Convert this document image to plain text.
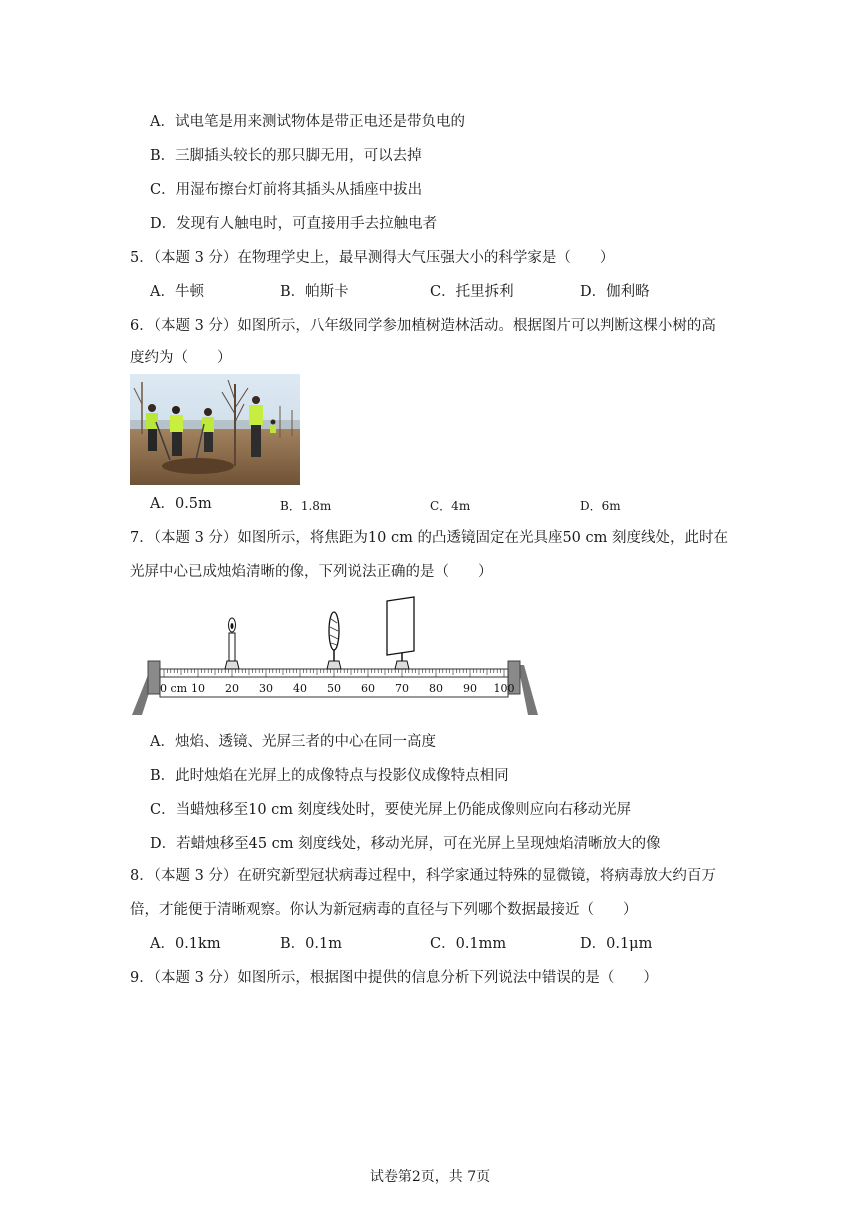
A．试电笔是用来测试物体是带正电还是带负电的
B．三脚插头较长的那只脚无用，可以去掉
C．用湿布擦台灯前将其插头从插座中拔出
D．发现有人触电时，可直接用手去拉触电者
5．（本题 3 分）在物理学史上，最早测得大气压强大小的科学家是（　　）
A．牛顿	B．帕斯卡	C．托里拆利	D．伽利略
6．（本题 3 分）如图所示，八年级同学参加植树造林活动。根据图片可以判断这棵小树的高
度约为（　　）
A．0.5m	B．1.8m	C．4m	D．6m
7．（本题 3 分）如图所示，将焦距为10 cm 的凸透镜固定在光具座50 cm 刻度线处，此时在
光屏中心已成烛焰清晰的像，下列说法正确的是（　　）
0 cm 10 20 30 40 50 60 70 80 90 100
A．烛焰、透镜、光屏三者的中心在同一高度
B．此时烛焰在光屏上的成像特点与投影仪成像特点相同
C．当蜡烛移至10 cm 刻度线处时，要使光屏上仍能成像则应向右移动光屏
D．若蜡烛移至45 cm 刻度线处，移动光屏，可在光屏上呈现烛焰清晰放大的像
8．（本题 3 分）在研究新型冠状病毒过程中，科学家通过特殊的显微镜，将病毒放大约百万
倍，才能便于清晰观察。你认为新冠病毒的直径与下列哪个数据最接近（　　）
A．0.1km	B．0.1m	C．0.1mm	D．0.1μm
9．（本题 3 分）如图所示，根据图中提供的信息分析下列说法中错误的是（　　）
试卷第2页，共 7页
